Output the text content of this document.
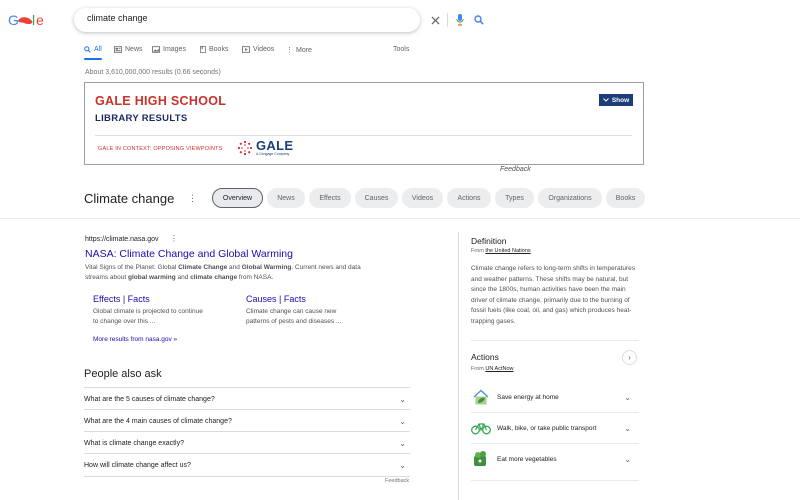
G l e
climate change
All	News	Images	Books	Videos ⋮ More	Tools
About 3,610,000,000 results (0.66 seconds)
GALE HIGH SCHOOL
LIBRARY RESULTS
Show
GALE IN CONTEXT: OPPOSING VIEWPOINTS	GALE
A Cengage Company
Feedback
Climate change ⋮	Overview	News	Effects	Causes	Videos	Actions	Types	Organizations	Books
https://climate.nasa.gov ⋮
NASA: Climate Change and Global Warming
Vital Signs of the Planet: Global Climate Change and Global Warming. Current news and data streams about global warming and climate change from NASA.
Effects | Facts
Global climate is projected to continue to change over this ...
Causes | Facts
Climate change can cause new patterns of pests and diseases ...
More results from nasa.gov »
People also ask
What are the 5 causes of climate change?	⌄
What are the 4 main causes of climate change?	⌄
What is climate change exactly?	⌄
How will climate change affect us?	⌄
Feedback
Definition
From the United Nations
Climate change refers to long-term shifts in temperatures and weather patterns. These shifts may be natural, but since the 1800s, human activities have been the main driver of climate change, primarily due to the burning of fossil fuels (like coal, oil, and gas) which produces heat-trapping gases.
Actions	›
From UN ActNow
Save energy at home	⌄
Walk, bike, or take public transport	⌄
Eat more vegetables	⌄
